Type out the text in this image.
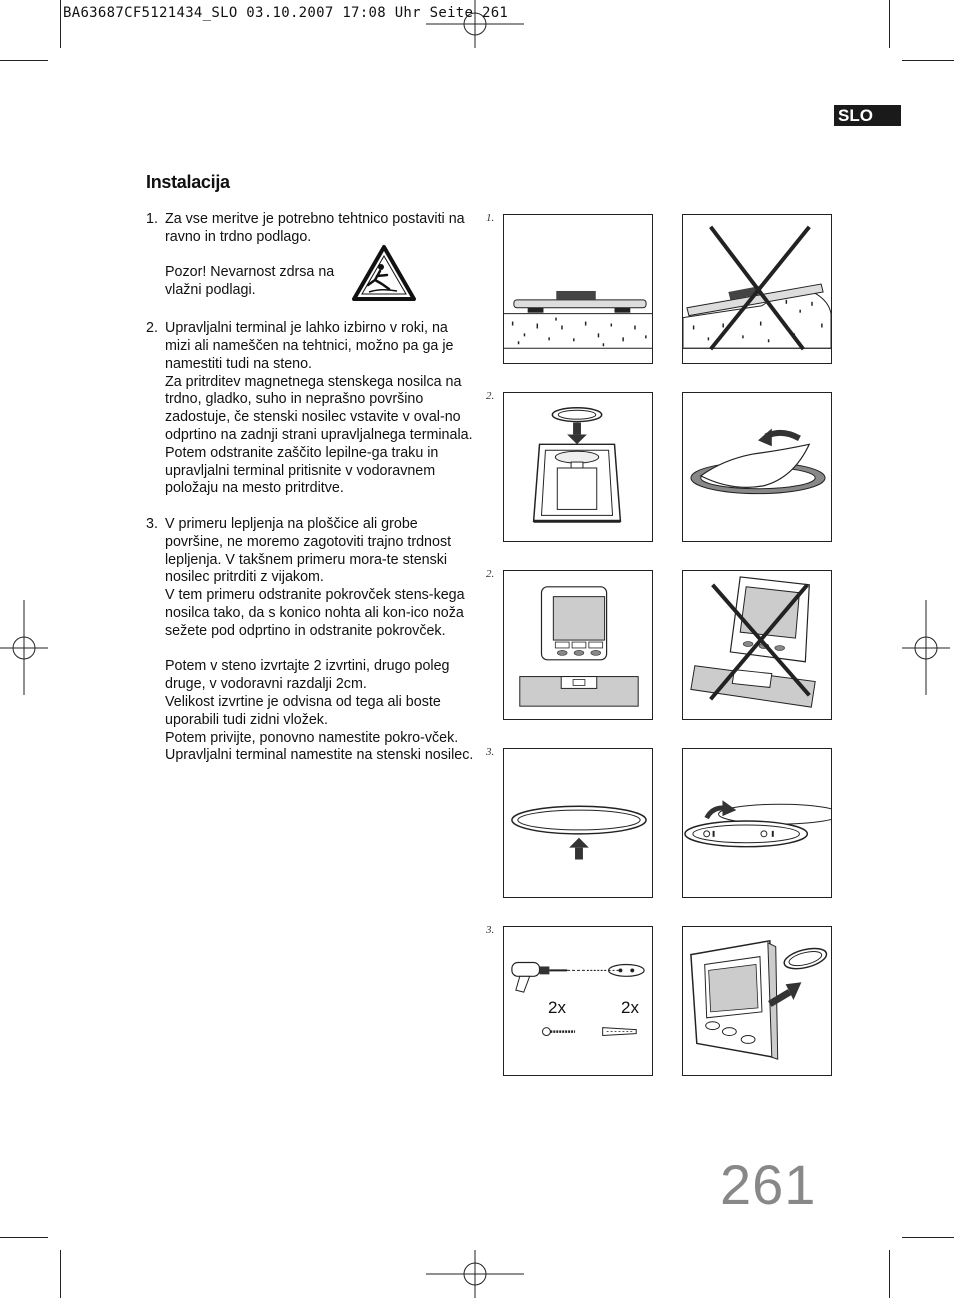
BA63687CF5121434_SLO 03.10.2007 17:08 Uhr Seite 261
SLO
Instalacija
1. Za vse meritve je potrebno tehtnico postaviti na ravno in trdno podlago.

Pozor! Nevarnost zdrsa na vlažni podlagi.

2. Upravljalni terminal je lahko izbirno v roki, na mizi ali nameščen na tehtnici, možno pa ga je namestiti tudi na steno.

Za pritrditev magnetnega stenskega nosilca na trdno, gladko, suho in neprašno površino zadostuje, če stenski nosilec vstavite v oval-no odprtino na zadnji strani upravljalnega terminala. Potem odstranite zaščito lepilne-ga traku in upravljalni terminal pritisnite v vodoravnem položaju na mesto pritrditve.

3. V primeru lepljenja na ploščice ali grobe površine, ne moremo zagotoviti trajno trdnost lepljenja. V takšnem primeru mora-te stenski nosilec pritrditi z vijakom.

V tem primeru odstranite pokrovček stens-kega nosilca tako, da s konico nohta ali kon-ico noža sežete pod odprtino in odstranite pokrovček.

Potem v steno izvrtajte 2 izvrtini, drugo poleg druge, v vodoravni razdalji 2cm.

Velikost izvrtine je odvisna od tega ali boste uporabili tudi zidni vložek.

Potem privijte, ponovno namestite pokro-vček. Upravljalni terminal namestite na stenski nosilec.

1.
2.
2.
3.
3.
2x	2x
261
